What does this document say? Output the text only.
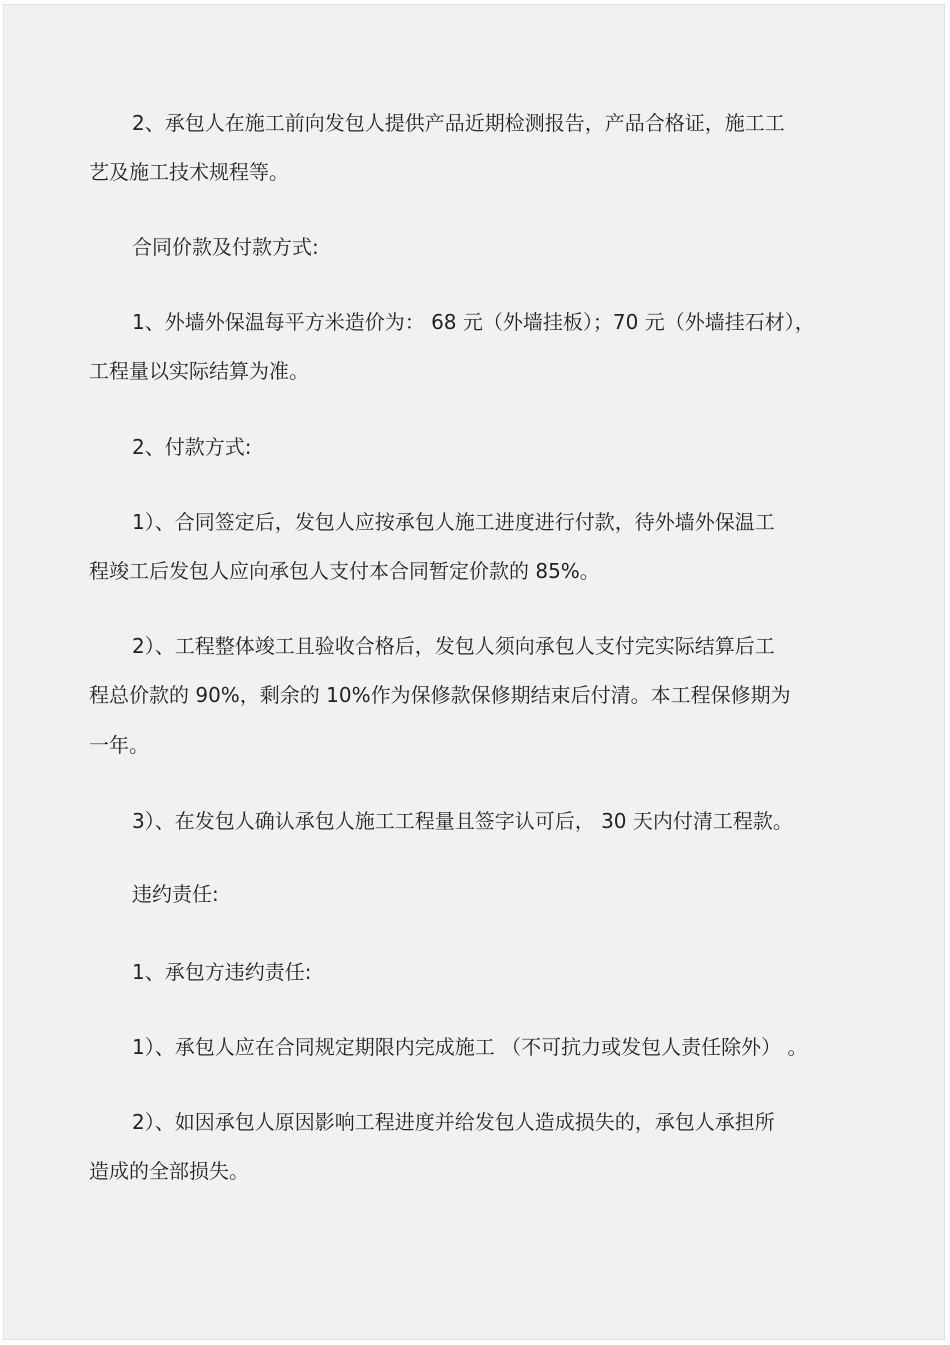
2、承包人在施工前向发包人提供产品近期检测报告，产品合格证，施工工
艺及施工技术规程等。
合同价款及付款方式:
1、外墙外保温每平方米造价为： 68 元（外墙挂板）；70 元（外墙挂石材），
工程量以实际结算为准。
2、付款方式:
1）、合同签定后，发包人应按承包人施工进度进行付款，待外墙外保温工
程竣工后发包人应向承包人支付本合同暂定价款的 85%。
2）、工程整体竣工且验收合格后，发包人须向承包人支付完实际结算后工
程总价款的 90%，剩余的 10%作为保修款保修期结束后付清。本工程保修期为
一年。
3）、在发包人确认承包人施工工程量且签字认可后， 30 天内付清工程款。
违约责任:
1、承包方违约责任:
1）、承包人应在合同规定期限内完成施工 （不可抗力或发包人责任除外） 。
2）、如因承包人原因影响工程进度并给发包人造成损失的，承包人承担所
造成的全部损失。
